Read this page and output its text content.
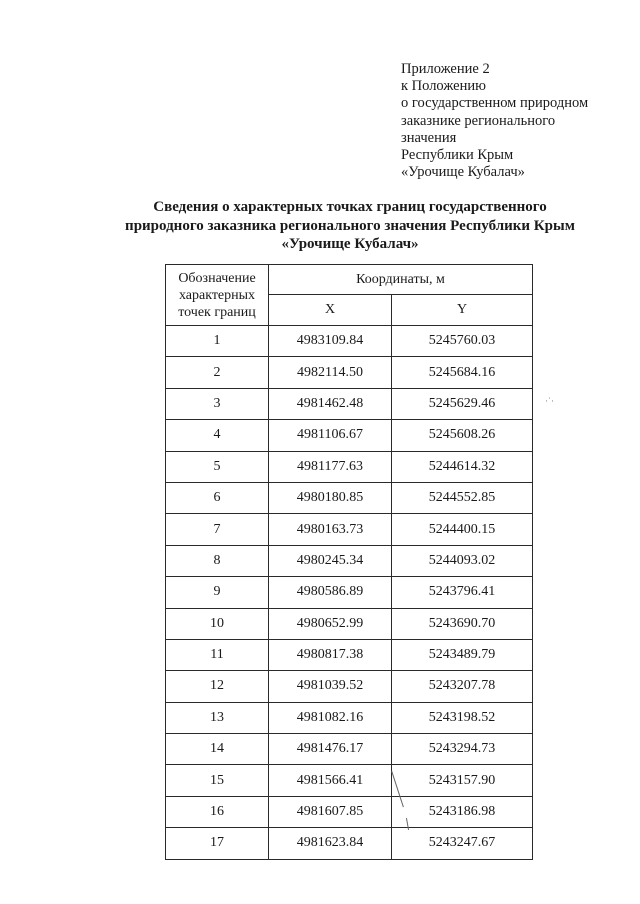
Приложение 2
к Положению
о государственном природном
заказнике регионального
значения
Республики Крым
«Урочище Кубалач»
Сведения о характерных точках границ государственного
природного заказника регионального значения Республики Крым
«Урочище Кубалач»
Обозначение
характерных
точек границ	Координаты, м	
	X	Y
1	4983109.84	5245760.03
2	4982114.50	5245684.16
3	4981462.48	5245629.46
4	4981106.67	5245608.26
5	4981177.63	5244614.32
6	4980180.85	5244552.85
7	4980163.73	5244400.15
8	4980245.34	5244093.02
9	4980586.89	5243796.41
10	4980652.99	5243690.70
11	4980817.38	5243489.79
12	4981039.52	5243207.78
13	4981082.16	5243198.52
14	4981476.17	5243294.73
15	4981566.41	5243157.90
16	4981607.85	5243186.98
17	4981623.84	5243247.67
·˙·
